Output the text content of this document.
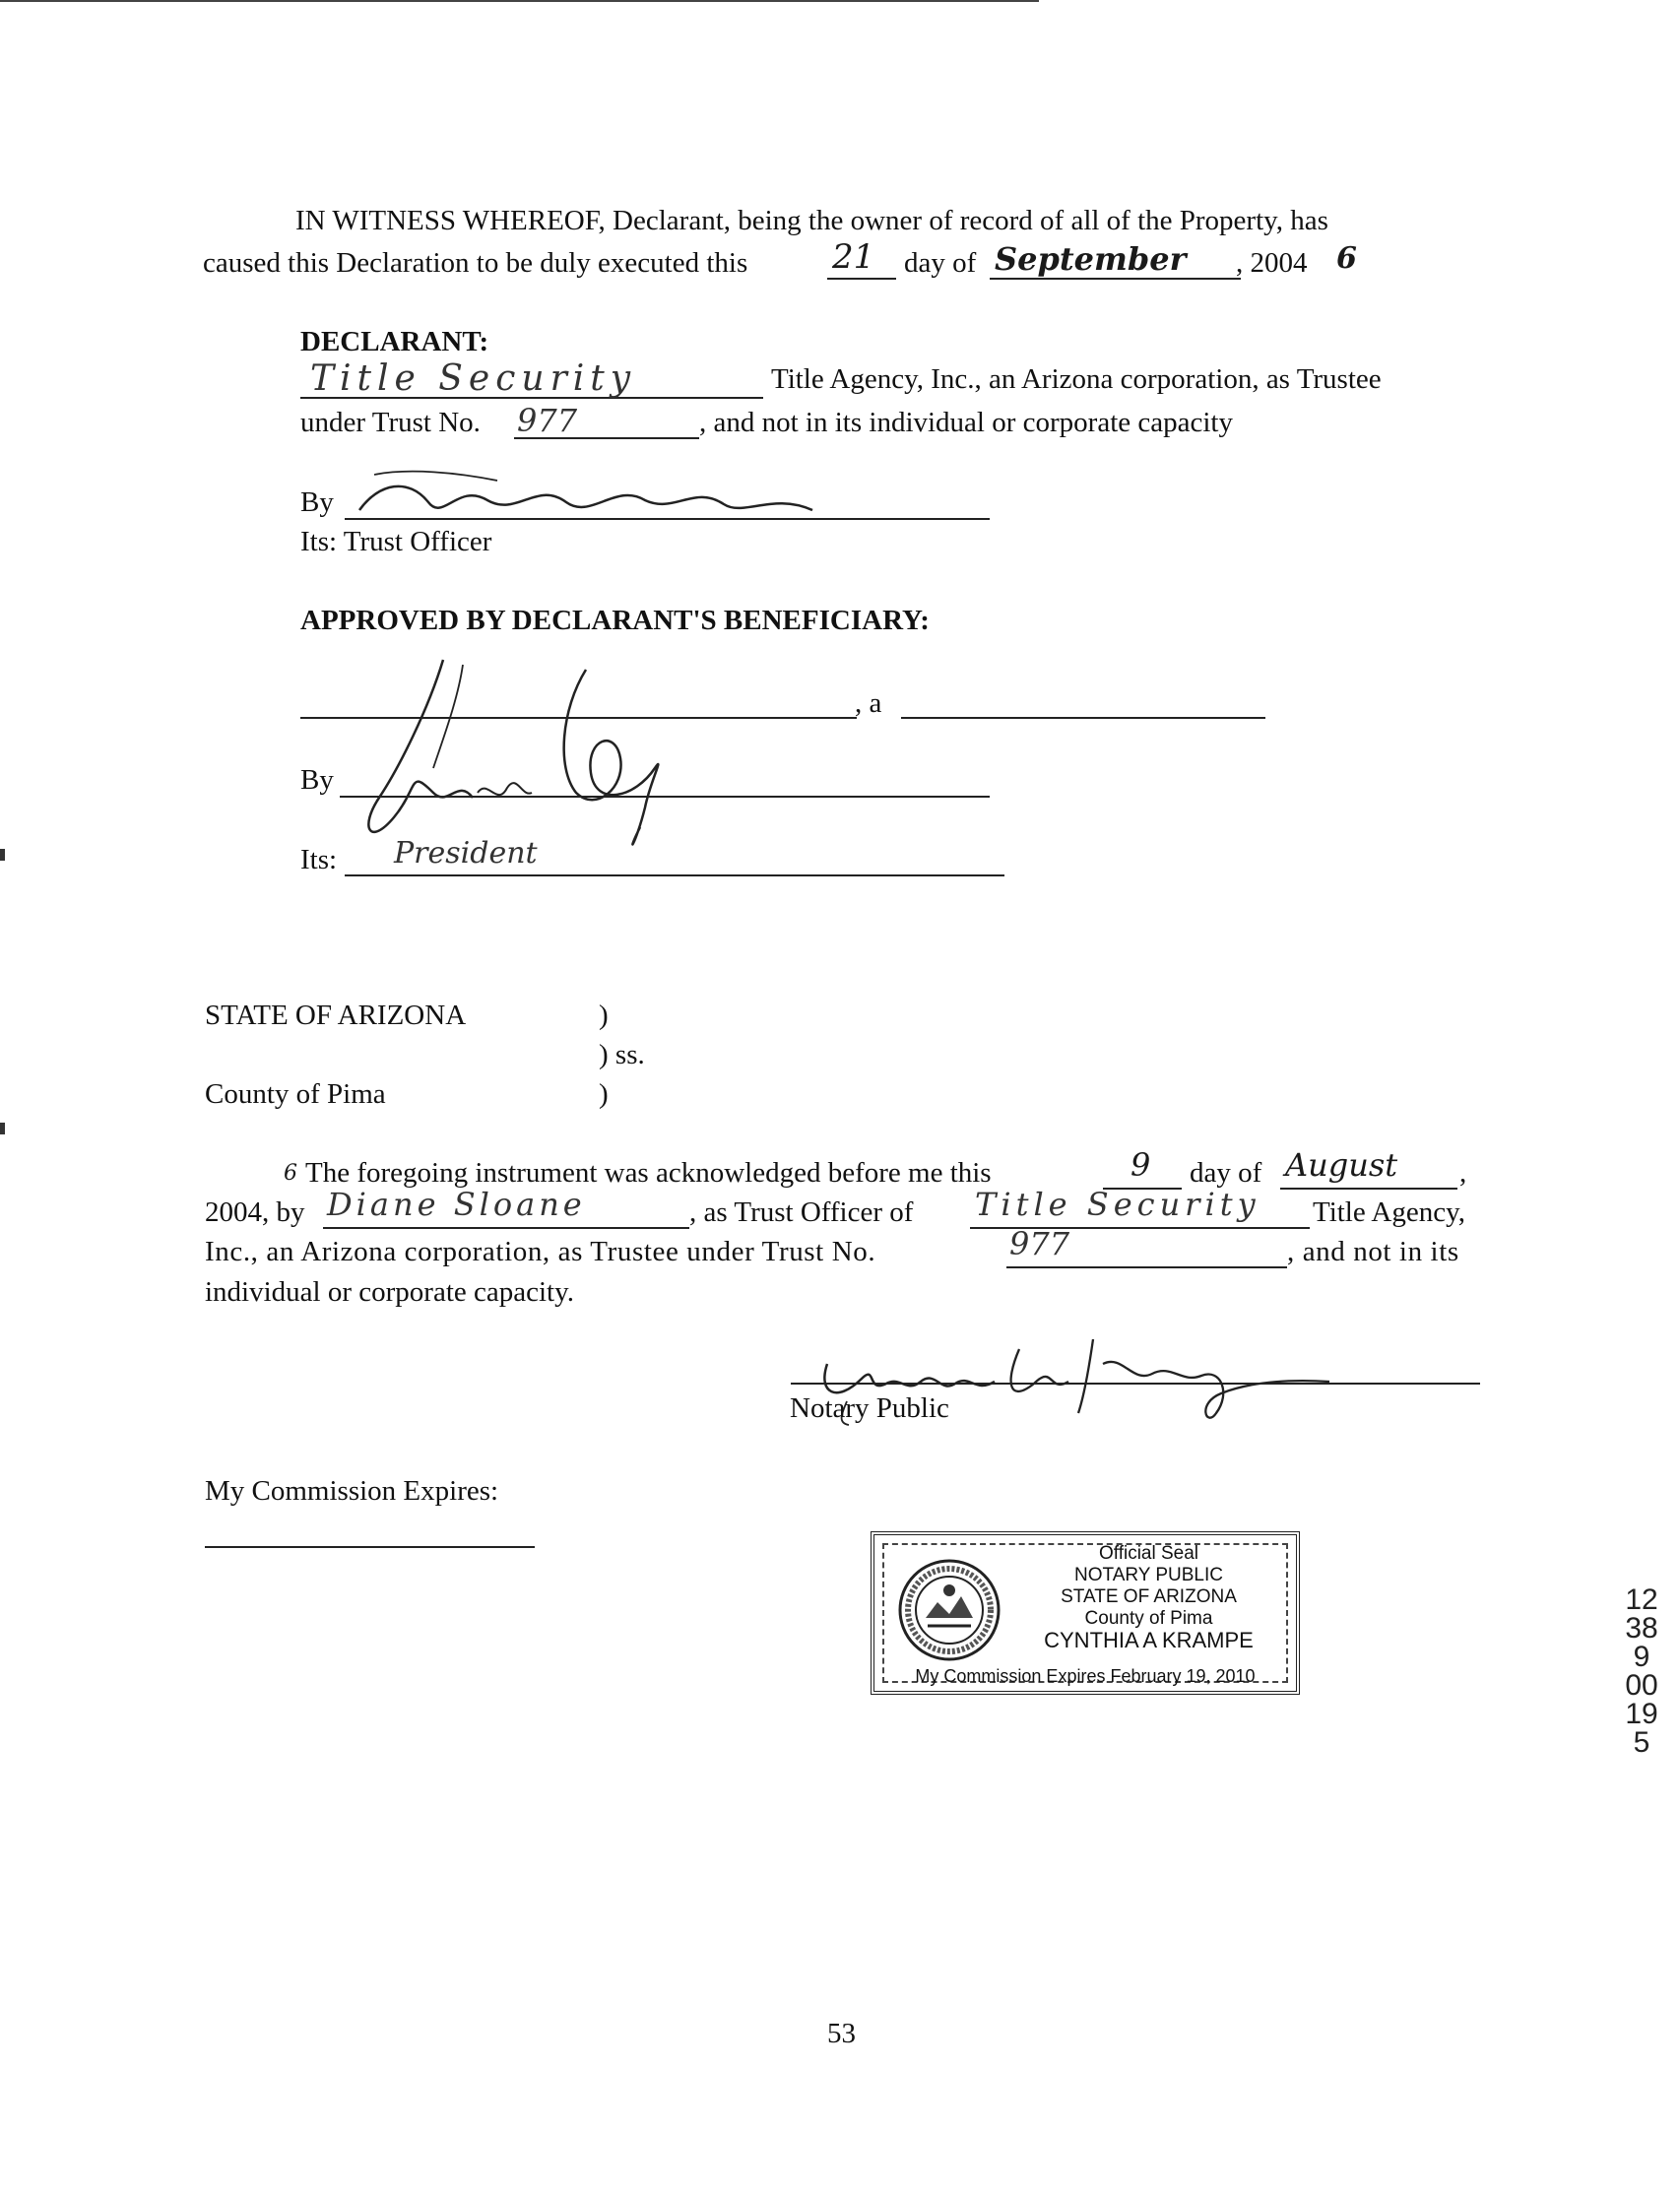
IN WITNESS WHEREOF, Declarant, being the owner of record of all of the Property, has
caused this Declaration to be duly executed this	21 day of September , 2004 6
DECLARANT:
Title Security	Title Agency, Inc., an Arizona corporation, as Trustee
under Trust No. 977	, and not in its individual or corporate capacity
By
Its: Trust Officer
APPROVED BY DECLARANT'S BENEFICIARY:
, a
By
Its: President
STATE OF ARIZONA	)
) ss.
County of Pima	)
6 The foregoing instrument was acknowledged before me this	9 day of August ,
2004, by Diane Sloane	, as Trust Officer of Title Security Title Agency,
Inc., an Arizona corporation, as Trustee under Trust No.	977	, and not in its
individual or corporate capacity.
Notary Public
My Commission Expires:
Official Seal
NOTARY PUBLIC
STATE OF ARIZONA
County of Pima
CYNTHIA A KRAMPE
My Commission Expires February 19, 2010
12389 00195
53
